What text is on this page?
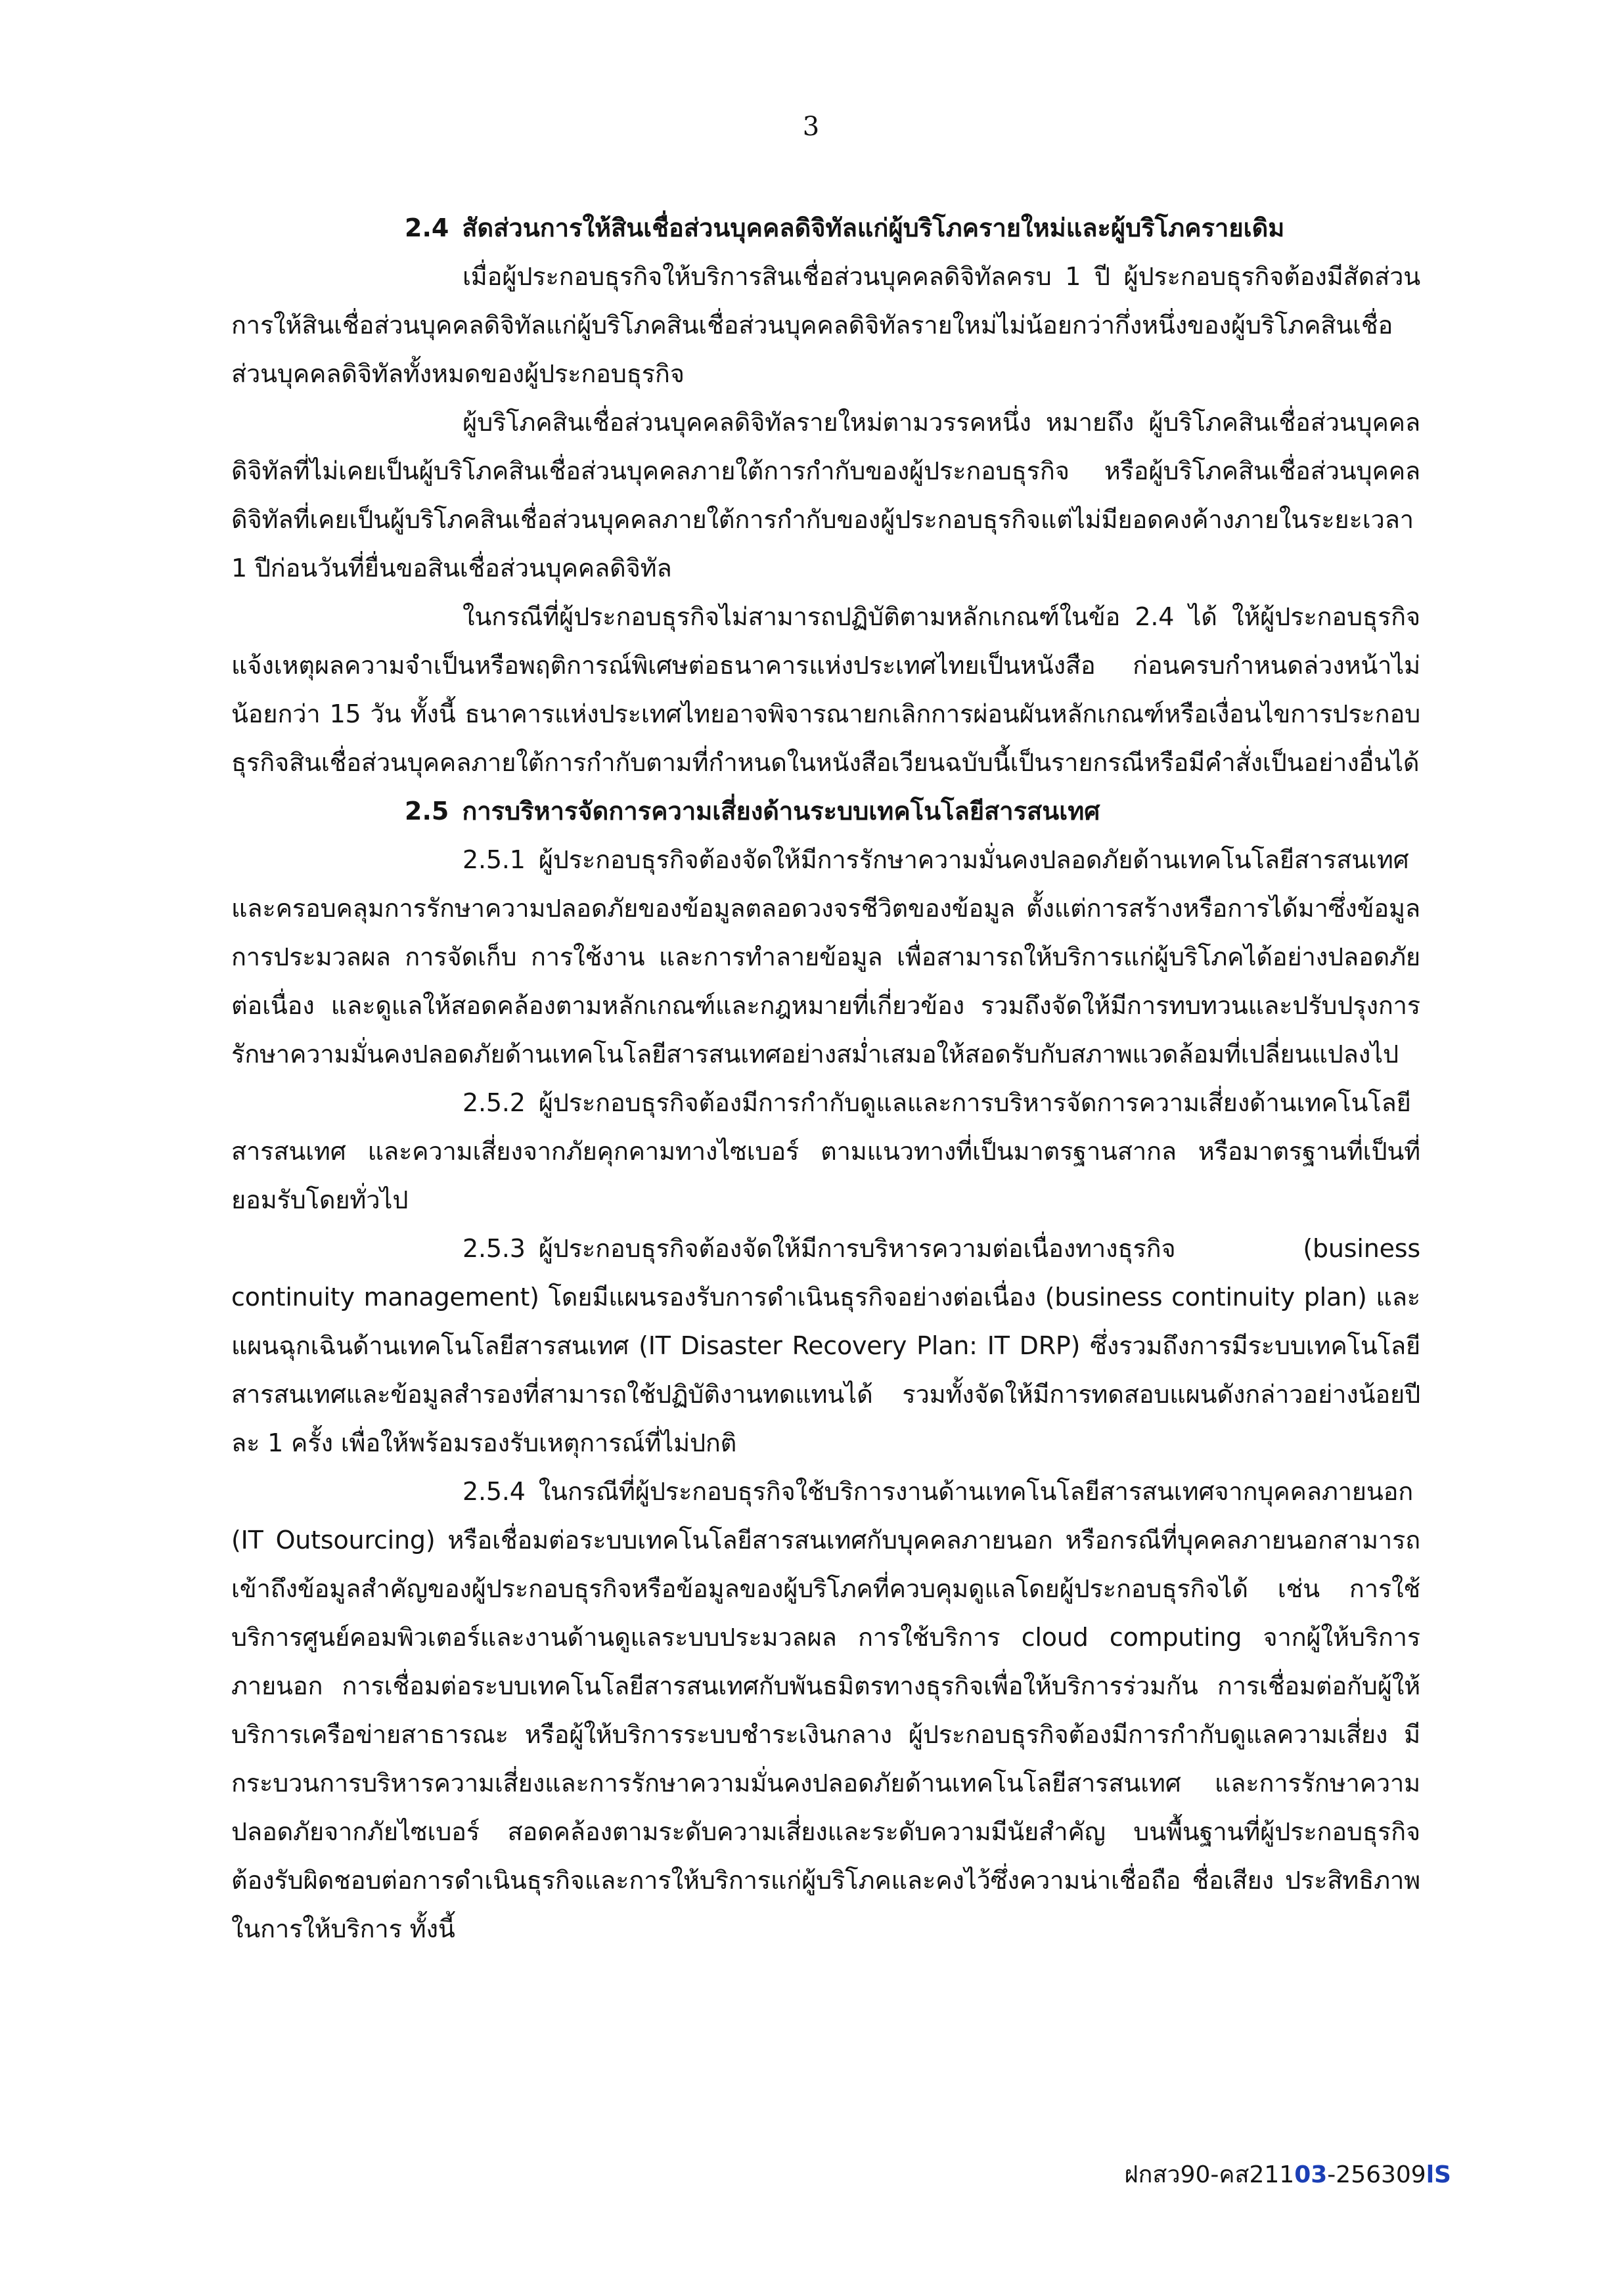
3
2.4 สัดส่วนการให้สินเชื่อส่วนบุคคลดิจิทัลแก่ผู้บริโภครายใหม่และผู้บริโภครายเดิม

เมื่อผู้ประกอบธุรกิจให้บริการสินเชื่อส่วนบุคคลดิจิทัลครบ 1 ปี ผู้ประกอบธุรกิจต้องมีสัดส่วนการให้สินเชื่อส่วนบุคคลดิจิทัลแก่ผู้บริโภคสินเชื่อส่วนบุคคลดิจิทัลรายใหม่ไม่น้อยกว่ากึ่งหนึ่งของผู้บริโภคสินเชื่อส่วนบุคคลดิจิทัลทั้งหมดของผู้ประกอบธุรกิจ

ผู้บริโภคสินเชื่อส่วนบุคคลดิจิทัลรายใหม่ตามวรรคหนึ่ง หมายถึง ผู้บริโภคสินเชื่อส่วนบุคคลดิจิทัลที่ไม่เคยเป็นผู้บริโภคสินเชื่อส่วนบุคคลภายใต้การกำกับของผู้ประกอบธุรกิจ หรือผู้บริโภคสินเชื่อส่วนบุคคลดิจิทัลที่เคยเป็นผู้บริโภคสินเชื่อส่วนบุคคลภายใต้การกำกับของผู้ประกอบธุรกิจแต่ไม่มียอดคงค้างภายในระยะเวลา 1 ปีก่อนวันที่ยื่นขอสินเชื่อส่วนบุคคลดิจิทัล

ในกรณีที่ผู้ประกอบธุรกิจไม่สามารถปฏิบัติตามหลักเกณฑ์ในข้อ 2.4 ได้ ให้ผู้ประกอบธุรกิจแจ้งเหตุผลความจำเป็นหรือพฤติการณ์พิเศษต่อธนาคารแห่งประเทศไทยเป็นหนังสือ ก่อนครบกำหนดล่วงหน้าไม่น้อยกว่า 15 วัน ทั้งนี้ ธนาคารแห่งประเทศไทยอาจพิจารณายกเลิกการผ่อนผันหลักเกณฑ์หรือเงื่อนไขการประกอบธุรกิจสินเชื่อส่วนบุคคลภายใต้การกำกับตามที่กำหนดในหนังสือเวียนฉบับนี้เป็นรายกรณีหรือมีคำสั่งเป็นอย่างอื่นได้

2.5 การบริหารจัดการความเสี่ยงด้านระบบเทคโนโลยีสารสนเทศ

2.5.1 ผู้ประกอบธุรกิจต้องจัดให้มีการรักษาความมั่นคงปลอดภัยด้านเทคโนโลยีสารสนเทศ และครอบคลุมการรักษาความปลอดภัยของข้อมูลตลอดวงจรชีวิตของข้อมูล ตั้งแต่การสร้างหรือการได้มาซึ่งข้อมูล การประมวลผล การจัดเก็บ การใช้งาน และการทำลายข้อมูล เพื่อสามารถให้บริการแก่ผู้บริโภคได้อย่างปลอดภัยต่อเนื่อง และดูแลให้สอดคล้องตามหลักเกณฑ์และกฎหมายที่เกี่ยวข้อง รวมถึงจัดให้มีการทบทวนและปรับปรุงการรักษาความมั่นคงปลอดภัยด้านเทคโนโลยีสารสนเทศอย่างสม่ำเสมอให้สอดรับกับสภาพแวดล้อมที่เปลี่ยนแปลงไป

2.5.2 ผู้ประกอบธุรกิจต้องมีการกำกับดูแลและการบริหารจัดการความเสี่ยงด้านเทคโนโลยีสารสนเทศ และความเสี่ยงจากภัยคุกคามทางไซเบอร์ ตามแนวทางที่เป็นมาตรฐานสากล หรือมาตรฐานที่เป็นที่ยอมรับโดยทั่วไป

2.5.3 ผู้ประกอบธุรกิจต้องจัดให้มีการบริหารความต่อเนื่องทางธุรกิจ (business continuity management) โดยมีแผนรองรับการดำเนินธุรกิจอย่างต่อเนื่อง (business continuity plan) และแผนฉุกเฉินด้านเทคโนโลยีสารสนเทศ (IT Disaster Recovery Plan: IT DRP) ซึ่งรวมถึงการมีระบบเทคโนโลยีสารสนเทศและข้อมูลสำรองที่สามารถใช้ปฏิบัติงานทดแทนได้ รวมทั้งจัดให้มีการทดสอบแผนดังกล่าวอย่างน้อยปีละ 1 ครั้ง เพื่อให้พร้อมรองรับเหตุการณ์ที่ไม่ปกติ

2.5.4 ในกรณีที่ผู้ประกอบธุรกิจใช้บริการงานด้านเทคโนโลยีสารสนเทศจากบุคคลภายนอก (IT Outsourcing) หรือเชื่อมต่อระบบเทคโนโลยีสารสนเทศกับบุคคลภายนอก หรือกรณีที่บุคคลภายนอกสามารถเข้าถึงข้อมูลสำคัญของผู้ประกอบธุรกิจหรือข้อมูลของผู้บริโภคที่ควบคุมดูแลโดยผู้ประกอบธุรกิจได้ เช่น การใช้บริการศูนย์คอมพิวเตอร์และงานด้านดูแลระบบประมวลผล การใช้บริการ cloud computing จากผู้ให้บริการภายนอก การเชื่อมต่อระบบเทคโนโลยีสารสนเทศกับพันธมิตรทางธุรกิจเพื่อให้บริการร่วมกัน การเชื่อมต่อกับผู้ให้บริการเครือข่ายสาธารณะ หรือผู้ให้บริการระบบชำระเงินกลาง ผู้ประกอบธุรกิจต้องมีการกำกับดูแลความเสี่ยง มีกระบวนการบริหารความเสี่ยงและการรักษาความมั่นคงปลอดภัยด้านเทคโนโลยีสารสนเทศ และการรักษาความปลอดภัยจากภัยไซเบอร์ สอดคล้องตามระดับความเสี่ยงและระดับความมีนัยสำคัญ บนพื้นฐานที่ผู้ประกอบธุรกิจต้องรับผิดชอบต่อการดำเนินธุรกิจและการให้บริการแก่ผู้บริโภคและคงไว้ซึ่งความน่าเชื่อถือ ชื่อเสียง ประสิทธิภาพในการให้บริการ ทั้งนี้

ฝกสว90-คส21103-256309lS
